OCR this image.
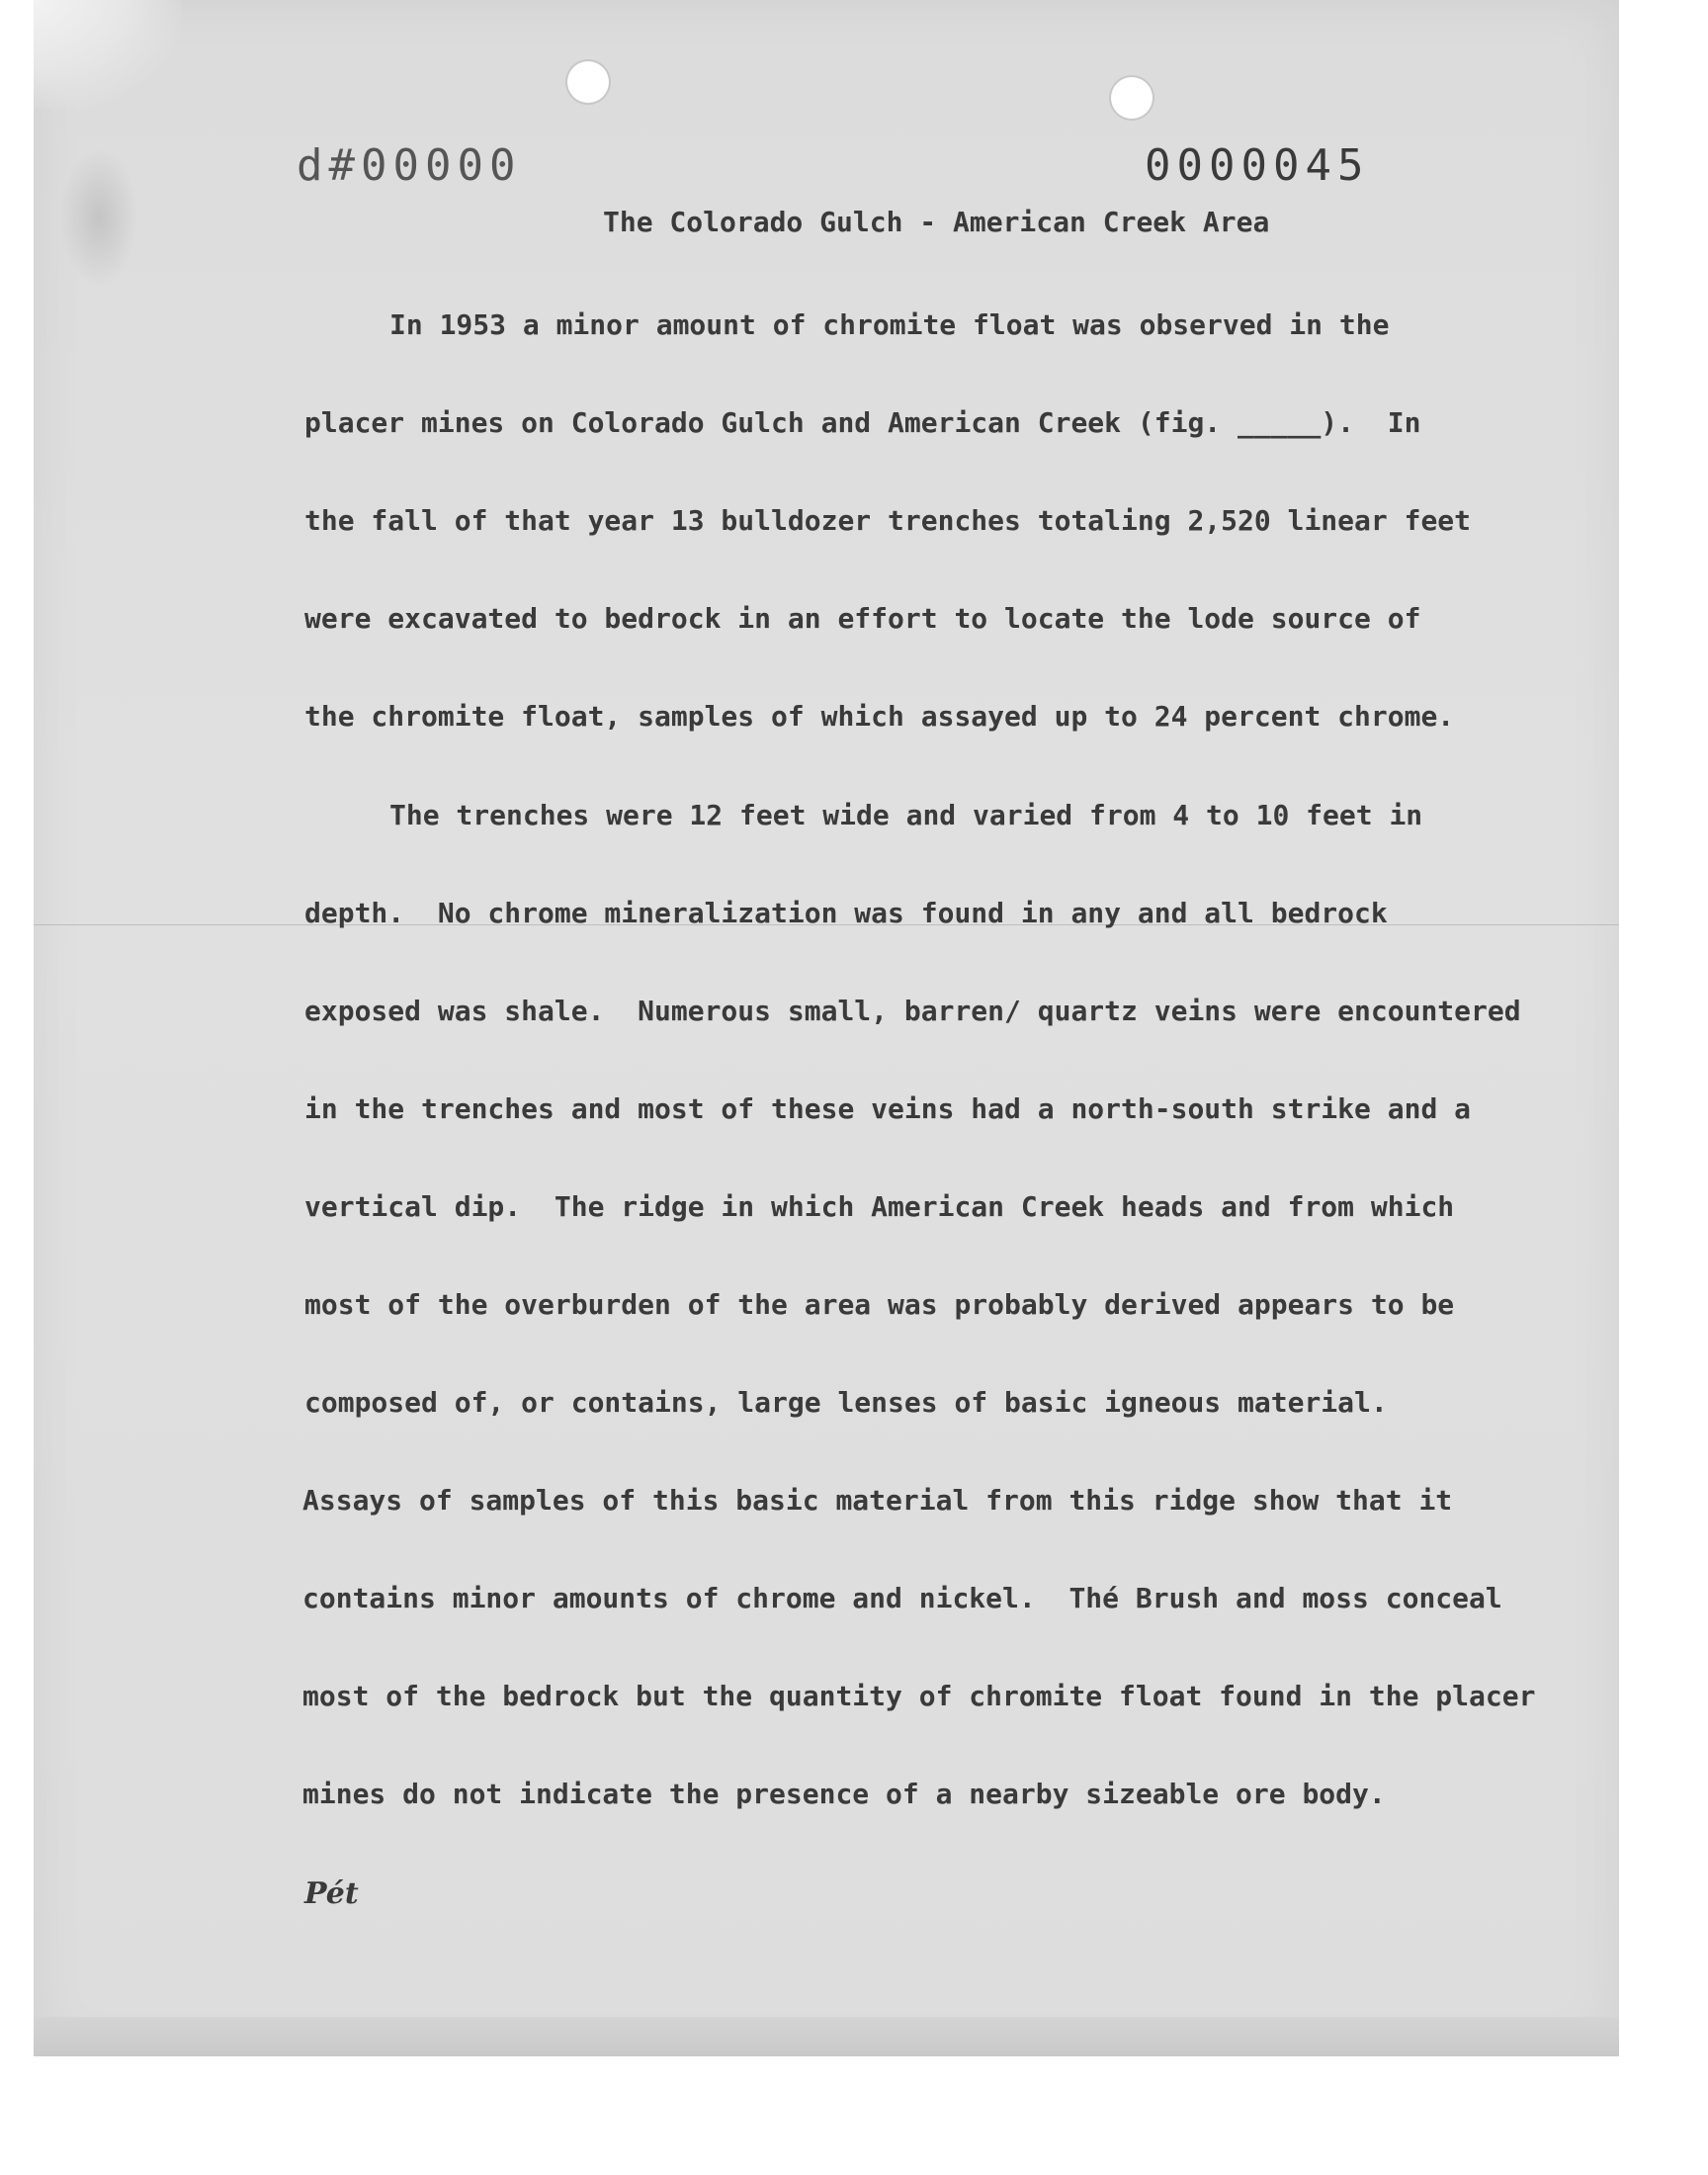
d#00000	0000045
The Colorado Gulch - American Creek Area
In 1953 a minor amount of chromite float was observed in the
placer mines on Colorado Gulch and American Creek (fig. _____).  In
the fall of that year 13 bulldozer trenches totaling 2,520 linear feet
were excavated to bedrock in an effort to locate the lode source of
the chromite float, samples of which assayed up to 24 percent chrome.
The trenches were 12 feet wide and varied from 4 to 10 feet in
depth.  No chrome mineralization was found in any and all bedrock
exposed was shale.  Numerous small, barren/ quartz veins were encountered
in the trenches and most of these veins had a north-south strike and a
vertical dip.  The ridge in which American Creek heads and from which
most of the overburden of the area was probably derived appears to be
composed of, or contains, large lenses of basic igneous material.
Assays of samples of this basic material from this ridge show that it
contains minor amounts of chrome and nickel.  Thé Brush and moss conceal
most of the bedrock but the quantity of chromite float found in the placer
mines do not indicate the presence of a nearby sizeable ore body.
Pét
